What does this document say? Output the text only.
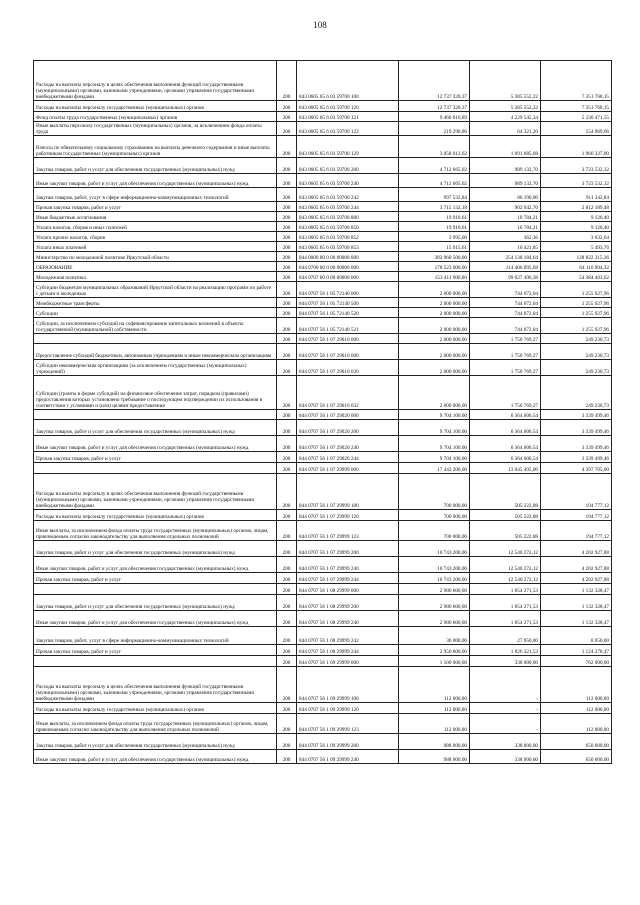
108
Расходы на выплаты персоналу в целях обеспечения выполнения функций государственными (муниципальными) органами, казенными учреждениями, органами управления государственными внебюджетными фондами	200	843 0605 65 6 03 59700 100	12 737 320,37	5 385 552,22	7 351 768,15
Расходы на выплаты персоналу государственных (муниципальных) органов	200	843 0605 65 6 03 59700 120	12 737 320,37	5 385 552,22	7 351 768,15
Фонд оплаты труда государственных (муниципальных) органов	200	843 0605 65 6 03 59700 121	9 460 016,89	4 229 545,34	5 230 471,55
Иные выплаты персоналу государственных (муниципальных) органов, за исключением фонда оплаты труда	200	843 0605 65 6 03 59700 122	219 290,86	64 321,20	154 969,66
Взносы по обязательному социальному страхованию на выплаты денежного содержания и иные выплаты работникам государственных (муниципальных) органов	200	843 0605 65 6 03 59700 129	3 058 012,62	1 091 685,68	1 966 327,00
Закупка товаров, работ и услуг для обеспечения государственных (муниципальных) нужд	200	843 0605 65 6 03 59700 200	4 712 665,02	989 132,70	3 723 532,32
Иные закупки товаров, работ и услуг для обеспечения государственных (муниципальных) нужд	200	843 0605 65 6 03 59700 240	4 712 665,02	989 132,70	3 723 532,32
Закупка товаров, работ, услуг в сфере информационно-коммуникационных технологий	200	843 0605 65 6 03 59700 242	997 532,84	86 190,00	911 342,84
Прочая закупка товаров, работ и услуг	200	843 0605 65 6 03 59700 244	3 715 132,18	902 942,70	2 812 189,48
Иные бюджетные ассигнования	200	843 0605 65 6 03 59700 800	19 910,61	10 784,21	9 126,40
Уплата налогов, сборов и иных платежей	200	843 0605 65 6 03 59700 850	19 910,61	10 784,21	9 126,40
Уплата прочих налогов, сборов	200	843 0605 65 6 03 59700 852	3 995,00	362,36	3 632,64
Уплата иных платежей	200	843 0605 65 6 03 59700 853	15 915,61	10 421,85	5 493,76
Министерство по молодежной политике Иркутской области	200	844 0000 00 0 00 00000 000	382 960 500,00	254 138 184,64	128 822 315,36
ОБРАЗОВАНИЕ	200	844 0700 00 0 00 00000 000	178 523 000,00	114 406 095,68	64 116 904,32
Молодежная политика	200	844 0707 00 0 00 00000 000	153 411 900,00	99 027 496,38	54 384 403,62
Субсидии бюджетам муниципальных образований Иркутской области на реализацию программ по работе с детьми и молодежью	200	844 0707 56 1 05 72140 000	2 000 000,00	744 072,04	1 255 927,96
Межбюджетные трансферты	200	844 0707 56 1 05 72140 500	2 000 000,00	744 072,04	1 255 927,96
Субсидии	200	844 0707 56 1 05 72140 520	2 000 000,00	744 072,04	1 255 927,96
Субсидии, за исключением субсидий на софинансирование капитальных вложений в объекты государственной (муниципальной) собственности	200	844 0707 56 1 05 72140 521	2 000 000,00	744 072,04	1 255 927,96
	200	844 0707 56 1 07 29010 000	2 000 000,00	1 750 769,27	249 230,73
Предоставление субсидий бюджетным, автономным учреждениям и иным некоммерческим организациям	200	844 0707 56 1 07 29010 600	2 000 000,00	1 750 769,27	249 230,73
Субсидии некоммерческим организациям (за исключением государственных (муниципальных) учреждений)	200	844 0707 56 1 07 29010 630	2 000 000,00	1 750 769,27	249 230,73
Субсидии (гранты в форме субсидий) на финансовое обеспечение затрат, порядком (правилами) предоставления которых установлено требование о последующем подтверждении их использования в соответствии с условиями и (или) целями предоставления	200	844 0707 56 1 07 29010 632	2 000 000,00	1 750 769,27	249 230,73
	200	844 0707 56 1 07 29020 000	9 704 100,00	6 364 600,54	3 339 499,46
Закупка товаров, работ и услуг для обеспечения государственных (муниципальных) нужд	200	844 0707 56 1 07 29020 200	9 704 100,00	6 364 600,54	3 339 499,46
Иные закупки товаров, работ и услуг для обеспечения государственных (муниципальных) нужд	200	844 0707 56 1 07 29020 240	9 704 100,00	6 364 600,54	3 339 499,46
Прочая закупка товаров, работ и услуг	200	844 0707 56 1 07 29020 244	9 704 100,00	6 364 600,54	3 339 499,46
	200	844 0707 56 1 07 29999 000	17 443 200,00	13 045 495,00	4 397 705,00
Расходы на выплаты персоналу в целях обеспечения выполнения функций государственными (муниципальными) органами, казенными учреждениями, органами управления государственными внебюджетными фондами	200	844 0707 56 1 07 29999 100	700 000,00	505 222,88	194 777,12
Расходы на выплаты персоналу государственных (муниципальных) органов	200	844 0707 56 1 07 29999 120	700 000,00	505 222,88	194 777,12
Иные выплаты, за исключением фонда оплаты труда государственных (муниципальных) органов, лицам, привлекаемым согласно законодательству для выполнения отдельных полномочий	200	844 0707 56 1 07 29999 123	700 000,00	505 222,88	194 777,12
Закупка товаров, работ и услуг для обеспечения государственных (муниципальных) нужд	200	844 0707 56 1 07 29999 200	16 743 200,00	12 540 272,12	4 202 927,88
Иные закупки товаров, работ и услуг для обеспечения государственных (муниципальных) нужд	200	844 0707 56 1 07 29999 240	16 743 200,00	12 540 272,12	4 202 927,88
Прочая закупка товаров, работ и услуг	200	844 0707 56 1 07 29999 244	16 743 200,00	12 540 272,12	4 202 927,88
	200	844 0707 56 1 08 29999 000	2 986 600,00	1 854 271,53	1 132 328,47
Закупка товаров, работ и услуг для обеспечения государственных (муниципальных) нужд	200	844 0707 56 1 08 29999 200	2 986 600,00	1 854 271,53	1 132 328,47
Иные закупки товаров, работ и услуг для обеспечения государственных (муниципальных) нужд	200	844 0707 56 1 08 29999 240	2 986 600,00	1 854 271,53	1 132 328,47
Закупка товаров, работ, услуг в сфере информационно-коммуникационных технологий	200	844 0707 56 1 08 29999 242	36 000,00	27 950,00	8 050,00
Прочая закупка товаров, работ и услуг	200	844 0707 56 1 08 29999 244	2 950 600,00	1 826 321,53	1 124 278,47
	200	844 0707 56 1 09 29999 000	1 100 000,00	338 000,00	762 000,00
Расходы на выплаты персоналу в целях обеспечения выполнения функций государственными (муниципальными) органами, казенными учреждениями, органами управления государственными внебюджетными фондами	200	844 0707 56 1 09 29999 100	112 000,00	-	112 000,00
Расходы на выплаты персоналу государственных (муниципальных) органов	200	844 0707 56 1 09 29999 120	112 000,00	-	112 000,00
Иные выплаты, за исключением фонда оплаты труда государственных (муниципальных) органов, лицам, привлекаемым согласно законодательству для выполнения отдельных полномочий	200	844 0707 56 1 09 29999 123	112 000,00	-	112 000,00
Закупка товаров, работ и услуг для обеспечения государственных (муниципальных) нужд	200	844 0707 56 1 09 29999 200	988 000,00	338 000,00	650 000,00
Иные закупки товаров, работ и услуг для обеспечения государственных (муниципальных) нужд	200	844 0707 56 1 09 29999 240	988 000,00	338 000,00	650 000,00
